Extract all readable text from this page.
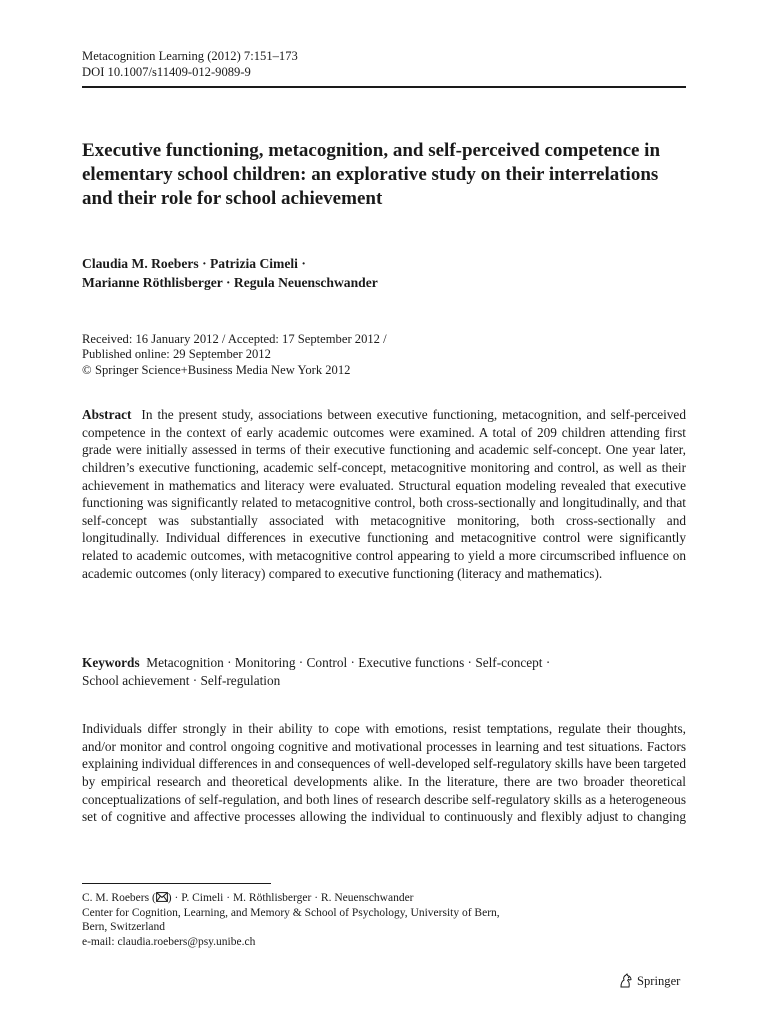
Metacognition Learning (2012) 7:151–173
DOI 10.1007/s11409-012-9089-9
Executive functioning, metacognition, and self-perceived competence in elementary school children: an explorative study on their interrelations and their role for school achievement
Claudia M. Roebers · Patrizia Cimeli ·
Marianne Röthlisberger · Regula Neuenschwander
Received: 16 January 2012 / Accepted: 17 September 2012 /
Published online: 29 September 2012
© Springer Science+Business Media New York 2012

Abstract In the present study, associations between executive functioning, metacognition, and self-perceived competence in the context of early academic outcomes were examined. A total of 209 children attending first grade were initially assessed in terms of their executive functioning and academic self-concept. One year later, children’s executive functioning, academic self-concept, metacognitive monitoring and control, as well as their achievement in mathematics and literacy were evaluated. Structural equation modeling revealed that executive functioning was significantly related to metacognitive control, both cross-sectionally and longitudinally, and that self-concept was substantially associated with metacognitive monitoring, both cross-sectionally and longitudinally. Individual differences in executive functioning and metacognitive control were significantly related to academic outcomes, with metacognitive control appearing to yield a more circumscribed influence on academic outcomes (only literacy) compared to executive functioning (literacy and mathematics).

Keywords Metacognition · Monitoring · Control · Executive functions · Self-concept ·
School achievement · Self-regulation

Individuals differ strongly in their ability to cope with emotions, resist temptations, regulate their thoughts, and/or monitor and control ongoing cognitive and motivational processes in learning and test situations. Factors explaining individual differences in and consequences of well-developed self-regulatory skills have been targeted by empirical research and theoretical developments alike. In the literature, there are two broader theoretical conceptualizations of self-regulation, and both lines of research describe self-regulatory skills as a heterogeneous set of cognitive and affective processes allowing the individual to continuously and flexibly adjust to changing

C. M. Roebers ( ) · P. Cimeli · M. Röthlisberger · R. Neuenschwander
Center for Cognition, Learning, and Memory & School of Psychology, University of Bern,
Bern, Switzerland
e-mail: claudia.roebers@psy.unibe.ch
Springer
